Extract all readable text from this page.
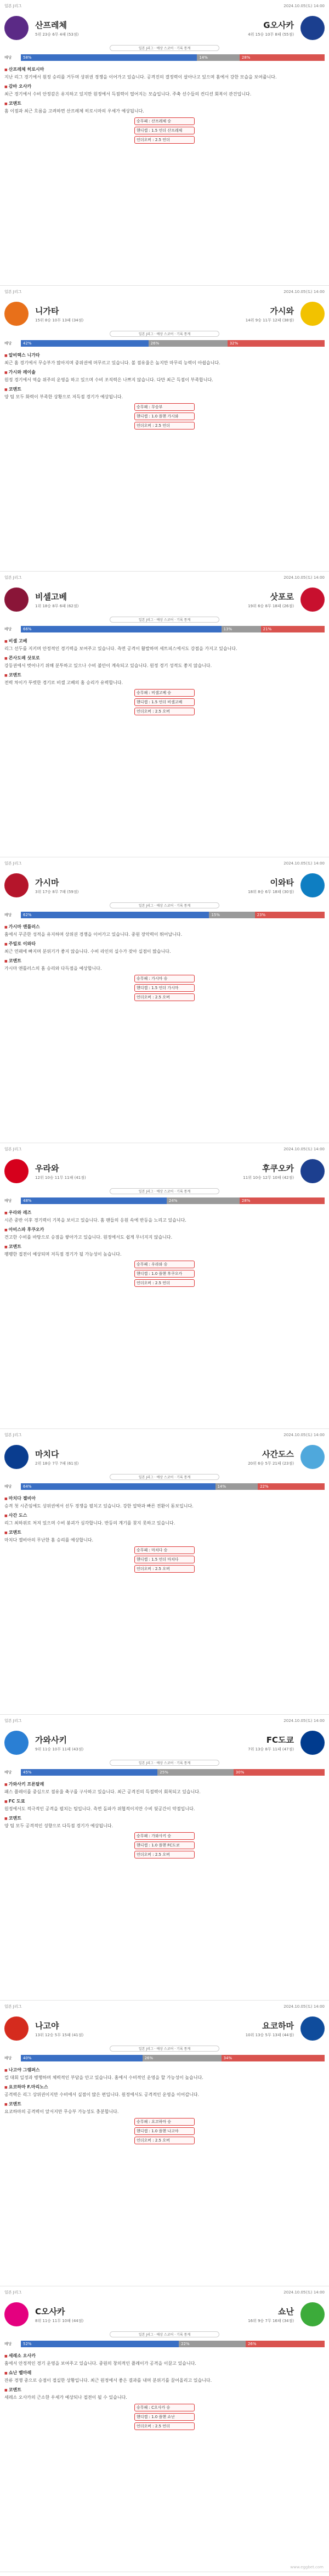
일본 J리그	2024.10.05(토) 14:00
산프레체
5위 23승 6무 4패 (53점)
G오사카
4위 15승 10무 8패 (55점)
일본 J리그 · 예상 스코어 · 기록 통계
배당	58 %	14 %	28 %
■ 산프레체 히로시마
지난 리그 경기에서 원정 승리를 거두며 상위권 경쟁을 이어가고 있습니다. 공격진의 결정력이 살아나고 있으며 홈에서 강한 모습을 보여줍니다.
■ 감바 오사카
최근 경기에서 수비 안정감은 유지하고 있지만 원정에서 득점력이 떨어지는 모습입니다. 주축 선수들의 컨디션 회복이 관건입니다.
■ 코멘트
홈 이점과 최근 흐름을 고려하면 산프레체 히로시마의 우세가 예상됩니다.
승무패 : 산프레체 승
핸디캡 : 1.5 언더 산프레체
언더오버 : 2.5 언더
일본 J리그	2024.10.05(토) 14:00
니가타
15위 8승 10무 13패 (34점)
가시와
14위 9승 11무 12패 (38점)
일본 J리그 · 예상 스코어 · 기록 통계
배당	42 %	26 %	32 %
■ 알비렉스 니가타
최근 홈 경기에서 무승부가 많아지며 중위권에 머무르고 있습니다. 볼 점유율은 높지만 마무리 능력이 아쉽습니다.
■ 가시와 레이솔
원정 경기에서 역습 위주의 운영을 하고 있으며 수비 조직력은 나쁘지 않습니다. 다만 최근 득점이 부족합니다.
■ 코멘트
양 팀 모두 화력이 부족한 상황으로 저득점 경기가 예상됩니다.
승무패 : 무승부
핸디캡 : 1.0 플핸 가시와
언더오버 : 2.5 언더
일본 J리그	2024.10.05(토) 14:00
비셀고베
1위 18승 8무 6패 (62점)
삿포로
19위 6승 8무 18패 (26점)
일본 J리그 · 예상 스코어 · 기록 통계
배당	66 %	13 %	21 %
■ 비셀 고베
리그 선두를 지키며 안정적인 경기력을 보여주고 있습니다. 측면 공격이 활발하며 세트피스에서도 강점을 가지고 있습니다.
■ 콘사도레 삿포로
강등권에서 벗어나기 위해 분투하고 있으나 수비 불안이 계속되고 있습니다. 원정 경기 성적도 좋지 않습니다.
■ 코멘트
전력 차이가 뚜렷한 경기로 비셀 고베의 홈 승리가 유력합니다.
승무패 : 비셀고베 승
핸디캡 : 1.5 언더 비셀고베
언더오버 : 2.5 오버
일본 J리그	2024.10.05(토) 14:00
가시마
3위 17승 8무 7패 (59점)
이와타
18위 8승 6무 18패 (30점)
일본 J리그 · 예상 스코어 · 기록 통계
배당	62 %	15 %	23 %
■ 가시마 앤틀러스
홈에서 꾸준한 성적을 유지하며 상위권 경쟁을 이어가고 있습니다. 중원 장악력이 뛰어납니다.
■ 주빌로 이와타
최근 연패에 빠지며 분위기가 좋지 않습니다. 수비 라인의 실수가 잦아 실점이 많습니다.
■ 코멘트
가시마 앤틀러스의 홈 승리와 다득점을 예상합니다.
승무패 : 가시마 승
핸디캡 : 1.5 언더 가시마
언더오버 : 2.5 오버
일본 J리그	2024.10.05(토) 14:00
우라와
12위 10승 11무 11패 (41점)
후쿠오카
11위 10승 12무 10패 (42점)
일본 J리그 · 예상 스코어 · 기록 통계
배당	48 %	24 %	28 %
■ 우라와 레즈
시즌 중반 이후 경기력이 기복을 보이고 있습니다. 홈 팬들의 응원 속에 반등을 노리고 있습니다.
■ 아비스파 후쿠오카
견고한 수비를 바탕으로 승점을 쌓아가고 있습니다. 원정에서도 쉽게 무너지지 않습니다.
■ 코멘트
팽팽한 접전이 예상되며 저득점 경기가 될 가능성이 높습니다.
승무패 : 우라와 승
핸디캡 : 1.0 플핸 후쿠오카
언더오버 : 2.5 언더
일본 J리그	2024.10.05(토) 14:00
마치다
2위 18승 7무 7패 (61점)
사간도스
20위 6승 5무 21패 (23점)
일본 J리그 · 예상 스코어 · 기록 통계
배당	64 %	14 %	22 %
■ 마치다 젤비아
승격 첫 시즌임에도 상위권에서 선두 경쟁을 펼치고 있습니다. 강한 압박과 빠른 전환이 돋보입니다.
■ 사간 도스
리그 최하위로 처져 있으며 수비 붕괴가 심각합니다. 반등의 계기를 찾지 못하고 있습니다.
■ 코멘트
마치다 젤비아의 무난한 홈 승리를 예상합니다.
승무패 : 마치다 승
핸디캡 : 1.5 언더 마치다
언더오버 : 2.5 오버
일본 J리그	2024.10.05(토) 14:00
가와사키
9위 11승 10무 11패 (43점)
FC도쿄
7위 13승 8무 11패 (47점)
일본 J리그 · 예상 스코어 · 기록 통계
배당	45 %	25 %	30 %
■ 가와사키 프론탈레
패스 플레이를 중심으로 점유율 축구를 구사하고 있습니다. 최근 공격진의 득점력이 회복되고 있습니다.
■ FC 도쿄
원정에서도 적극적인 공격을 펼치는 팀입니다. 측면 돌파가 위협적이지만 수비 뒷공간이 약점입니다.
■ 코멘트
양 팀 모두 공격적인 성향으로 다득점 경기가 예상됩니다.
승무패 : 가와사키 승
핸디캡 : 1.0 플핸 FC도쿄
언더오버 : 2.5 오버
일본 J리그	2024.10.05(토) 14:00
나고야
13위 12승 5무 15패 (41점)
요코하마
10위 13승 5무 13패 (44점)
일본 J리그 · 예상 스코어 · 기록 통계
배당	40 %	26 %	34 %
■ 나고야 그램퍼스
컵 대회 일정과 병행하며 체력적인 부담을 안고 있습니다. 홈에서 수비적인 운영을 할 가능성이 높습니다.
■ 요코하마 F.마리노스
공격력은 리그 상위권이지만 수비에서 실점이 많은 편입니다. 원정에서도 공격적인 운영을 이어갑니다.
■ 코멘트
요코하마의 공격력이 앞서지만 무승부 가능성도 충분합니다.
승무패 : 요코하마 승
핸디캡 : 1.0 플핸 나고야
언더오버 : 2.5 오버
일본 J리그	2024.10.05(토) 14:00
C오사카
8위 11승 11무 10패 (44점)
쇼난
16위 9승 7무 16패 (34점)
일본 J리그 · 예상 스코어 · 기록 통계
배당	52 %	22 %	26 %
■ 세레소 오사카
홈에서 안정적인 경기 운영을 보여주고 있습니다. 중원의 창의적인 플레이가 공격을 이끌고 있습니다.
■ 쇼난 벨마레
잔류 경쟁 중으로 승점이 절실한 상황입니다. 최근 원정에서 좋은 결과를 내며 분위기를 끌어올리고 있습니다.
■ 코멘트
세레소 오사카의 근소한 우세가 예상되나 접전이 될 수 있습니다.
승무패 : C오사카 승
핸디캡 : 1.0 플핸 쇼난
언더오버 : 2.5 언더
www.eggbet.com
